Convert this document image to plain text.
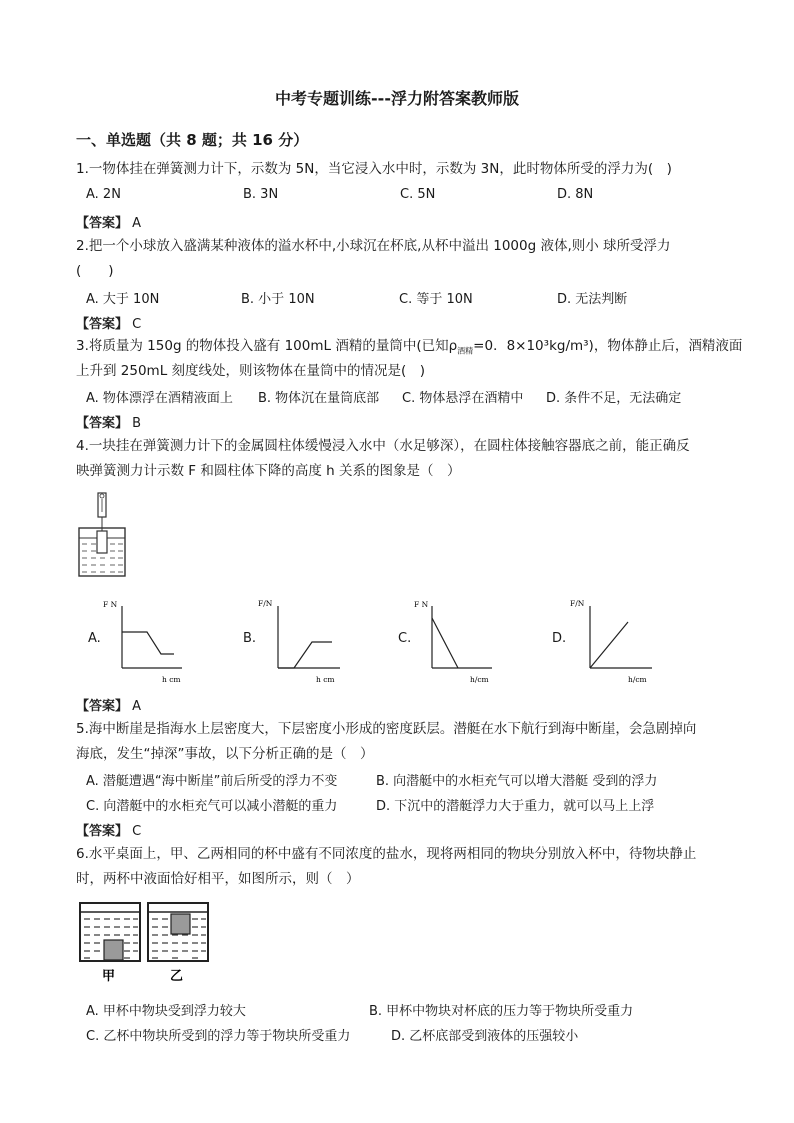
中考专题训练---浮力附答案教师版
一、单选题（共 8 题；共 16 分）
1.一物体挂在弹簧测力计下，示数为 5N，当它浸入水中时，示数为 3N，此时物体所受的浮力为(　)
A. 2N	B. 3N	C. 5N	D. 8N
【答案】 A
2.把一个小球放入盛满某种液体的溢水杯中,小球沉在杯底,从杯中溢出 1000g 液体,则小 球所受浮力
(　　)
A. 大于 10N	B. 小于 10N	C. 等于 10N	D. 无法判断
【答案】 C
3.将质量为 150g 的物体投入盛有 100mL 酒精的量筒中(已知$\rho_{酒精}=0$．8×10³kg/m³)，物体静止后，酒精液面
上升到 250mL 刻度线处，则该物体在量筒中的情况是(　)
A. 物体漂浮在酒精液面上 B. 物体沉在量筒底部 C. 物体悬浮在酒精中 D. 条件不足，无法确定
【答案】 B
4.一块挂在弹簧测力计下的金属圆柱体缓慢浸入水中（水足够深），在圆柱体接触容器底之前，能正确反
映弹簧测力计示数 F 和圆柱体下降的高度 h 关系的图象是（　）
A.
F N
h cm
B.
F/N
h cm
C.
F N
h/cm
D.
F/N
h/cm
【答案】 A
5.海中断崖是指海水上层密度大，下层密度小形成的密度跃层。潜艇在水下航行到海中断崖，会急剧掉向
海底，发生“掉深”事故，以下分析正确的是（　）
A. 潜艇遭遇“海中断崖”前后所受的浮力不变	B. 向潜艇中的水柜充气可以增大潜艇 受到的浮力
C. 向潜艇中的水柜充气可以减小潜艇的重力	D. 下沉中的潜艇浮力大于重力，就可以马上上浮
【答案】 C
6.水平桌面上，甲、乙两相同的杯中盛有不同浓度的盐水，现将两相同的物块分别放入杯中，待物块静止
时，两杯中液面恰好相平，如图所示，则（　）
甲	乙
A. 甲杯中物块受到浮力较大	B. 甲杯中物块对杯底的压力等于物块所受重力
C. 乙杯中物块所受到的浮力等于物块所受重力	D. 乙杯底部受到液体的压强较小
